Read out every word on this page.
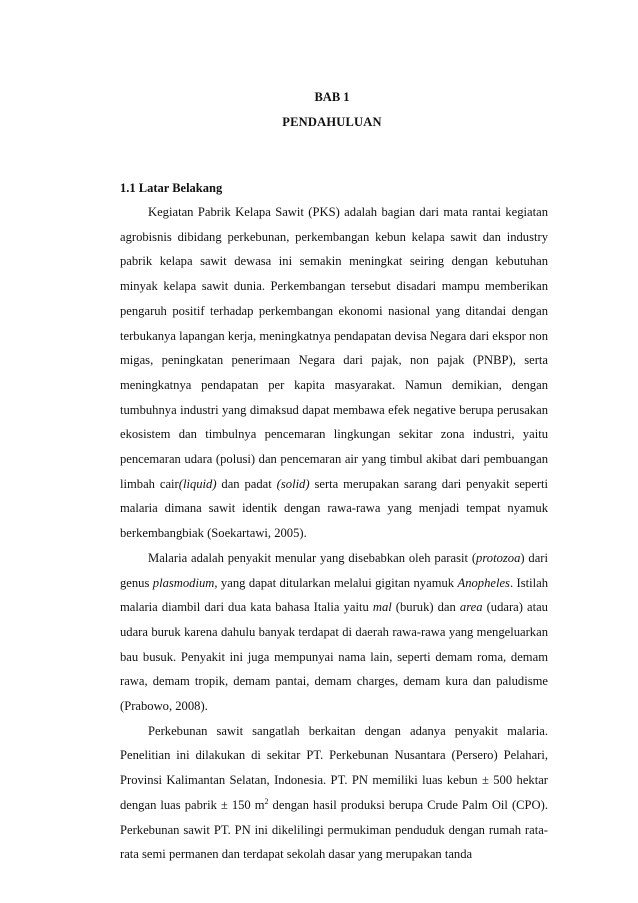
BAB 1
PENDAHULUAN
1.1 Latar Belakang

Kegiatan Pabrik Kelapa Sawit (PKS) adalah bagian dari mata rantai kegiatan agrobisnis dibidang perkebunan, perkembangan kebun kelapa sawit dan industry pabrik kelapa sawit dewasa ini semakin meningkat seiring dengan kebutuhan minyak kelapa sawit dunia. Perkembangan tersebut disadari mampu memberikan pengaruh positif terhadap perkembangan ekonomi nasional yang ditandai dengan terbukanya lapangan kerja, meningkatnya pendapatan devisa Negara dari ekspor non migas, peningkatan penerimaan Negara dari pajak, non pajak (PNBP), serta meningkatnya pendapatan per kapita masyarakat. Namun demikian, dengan tumbuhnya industri yang dimaksud dapat membawa efek negative berupa perusakan ekosistem dan timbulnya pencemaran lingkungan sekitar zona industri, yaitu pencemaran udara (polusi) dan pencemaran air yang timbul akibat dari pembuangan limbah cair(liquid) dan padat (solid) serta merupakan sarang dari penyakit seperti malaria dimana sawit identik dengan rawa-rawa yang menjadi tempat nyamuk berkembangbiak (Soekartawi, 2005).

Malaria adalah penyakit menular yang disebabkan oleh parasit (protozoa) dari genus plasmodium, yang dapat ditularkan melalui gigitan nyamuk Anopheles. Istilah malaria diambil dari dua kata bahasa Italia yaitu mal (buruk) dan area (udara) atau udara buruk karena dahulu banyak terdapat di daerah rawa-rawa yang mengeluarkan bau busuk. Penyakit ini juga mempunyai nama lain, seperti demam roma, demam rawa, demam tropik, demam pantai, demam charges, demam kura dan paludisme (Prabowo, 2008).

Perkebunan sawit sangatlah berkaitan dengan adanya penyakit malaria. Penelitian ini dilakukan di sekitar PT. Perkebunan Nusantara (Persero) Pelahari, Provinsi Kalimantan Selatan, Indonesia. PT. PN memiliki luas kebun ± 500 hektar dengan luas pabrik ± 150 $m^2$ dengan hasil produksi berupa Crude Palm Oil (CPO). Perkebunan sawit PT. PN ini dikelilingi permukiman penduduk dengan rumah rata-rata semi permanen dan terdapat sekolah dasar yang merupakan tanda
